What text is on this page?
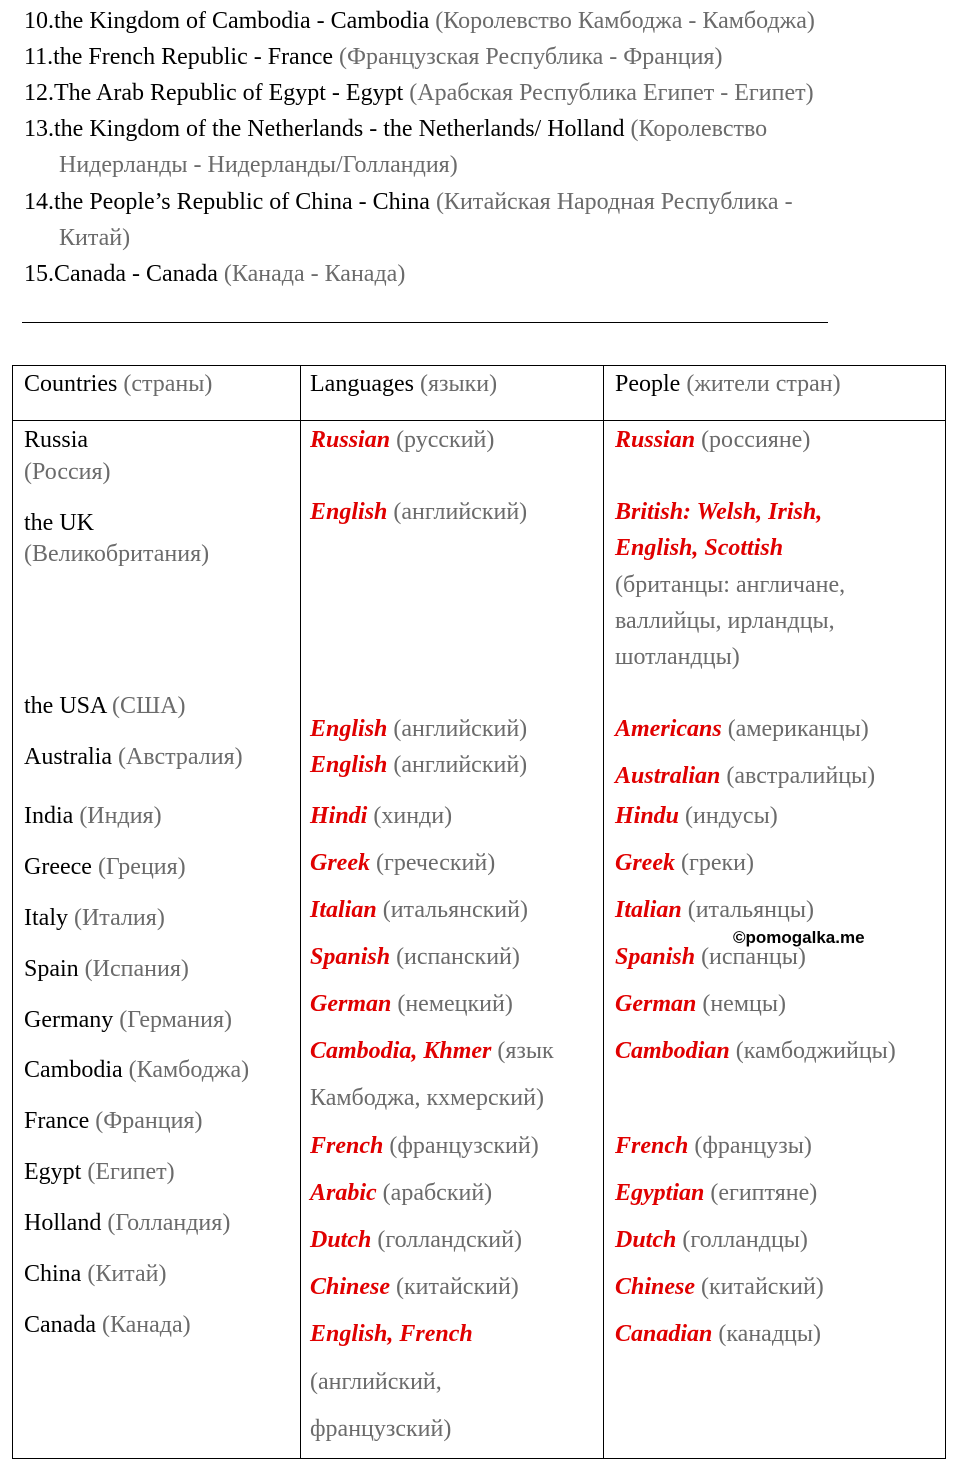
10.the Kingdom of Cambodia - Cambodia (Королевство Камбоджа - Камбоджа)
11.the French Republic - France (Французская Республика - Франция)
12.The Arab Republic of Egypt - Egypt (Арабская Республика Египет - Египет)
13.the Kingdom of the Netherlands - the Netherlands/ Holland (Королевство
Нидерланды - Нидерланды/Голландия)
14.the People’s Republic of China - China (Китайская Народная Республика -
Китай)
15.Canada - Canada (Канада - Канада)
Countries (страны)	Languages (языки)	People (жители стран)
Russia
(Россия)
the UK
(Великобритания)
the USA (США)
Australia (Австралия)
India (Индия)
Greece (Греция)
Italy (Италия)
Spain (Испания)
Germany (Германия)
Cambodia (Камбоджа)
France (Франция)
Egypt (Египет)
Holland (Голландия)
China (Китай)
Canada (Канада)
Russian (русский)
English (английский)
English (английский)
English (английский)
Hindi (хинди)
Greek (греческий)
Italian (итальянский)
Spanish (испанский)
German (немецкий)
Cambodia, Khmer (язык
Камбоджа, кхмерский)
French (французский)
Arabic (арабский)
Dutch (голландский)
Chinese (китайский)
English, French
(английский,
французский)
Russian (россияне)
British: Welsh, Irish,
English, Scottish
(британцы: англичане,
валлийцы, ирландцы,
шотландцы)
Americans (американцы)
Australian (австралийцы)
Hindu (индусы)
Greek (греки)
Italian (итальянцы)
Spanish (испанцы)
German (немцы)
Cambodian (камбоджийцы)
French (французы)
Egyptian (египтяне)
Dutch (голландцы)
Chinese (китайский)
Canadian (канадцы)
©pomogalka.me
